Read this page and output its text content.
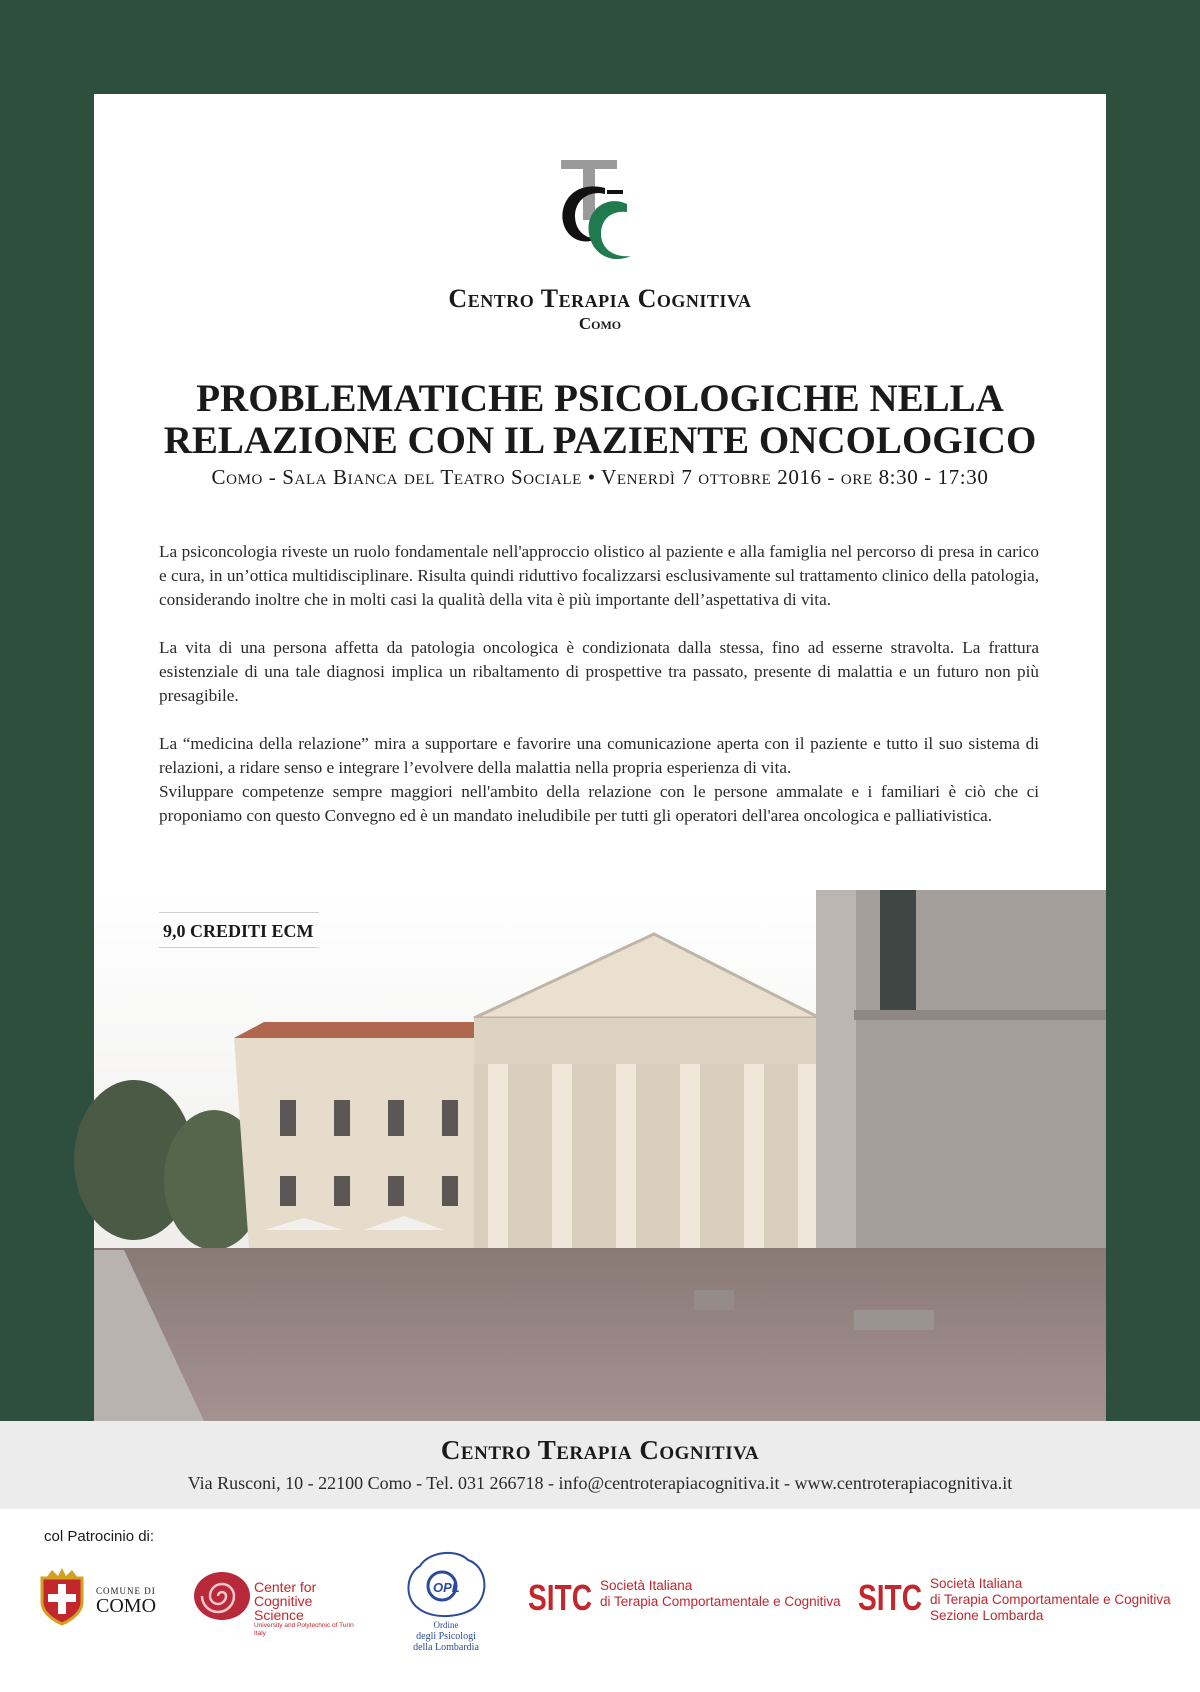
Centro Terapia Cognitiva
Como
PROBLEMATICHE PSICOLOGICHE NELLA
RELAZIONE CON IL PAZIENTE ONCOLOGICO
Como - Sala Bianca del Teatro Sociale • Venerdì 7 ottobre 2016 - ore 8:30 - 17:30

La psiconcologia riveste un ruolo fondamentale nell'approccio olistico al paziente e alla famiglia nel percorso di presa in carico e cura, in un’ottica multidisciplinare. Risulta quindi riduttivo focalizzarsi esclusivamente sul trattamento clinico della patologia, considerando inoltre che in molti casi la qualità della vita è più importante dell’aspettativa di vita.

La vita di una persona affetta da patologia oncologica è condizionata dalla stessa, fino ad esserne stravolta. La frattura esistenziale di una tale diagnosi implica un ribaltamento di prospettive tra passato, presente di malattia e un futuro non più presagibile.

La “medicina della relazione” mira a supportare e favorire una comunicazione aperta con il paziente e tutto il suo sistema di relazioni, a ridare senso e integrare l’evolvere della malattia nella propria esperienza di vita.

Sviluppare competenze sempre maggiori nell'ambito della relazione con le persone ammalate e i familiari è ciò che ci proponiamo con questo Convegno ed è un mandato ineludibile per tutti gli operatori dell'area oncologica e palliativistica.

9,0 CREDITI ECM
Centro Terapia Cognitiva
Via Rusconi, 10 - 22100 Como - Tel. 031 266718 - info@centroterapiacognitiva.it - www.centroterapiacognitiva.it
col Patrocinio di:
COMUNE DI
COMO
Center for
Cognitive Science
University and Polytechnic of Turin
Italy
OPL
Ordine
degli Psicologi
della Lombardia
SITC Società Italiana
di Terapia Comportamentale e Cognitiva SITC Società Italiana
di Terapia Comportamentale e Cognitiva
Sezione Lombarda
